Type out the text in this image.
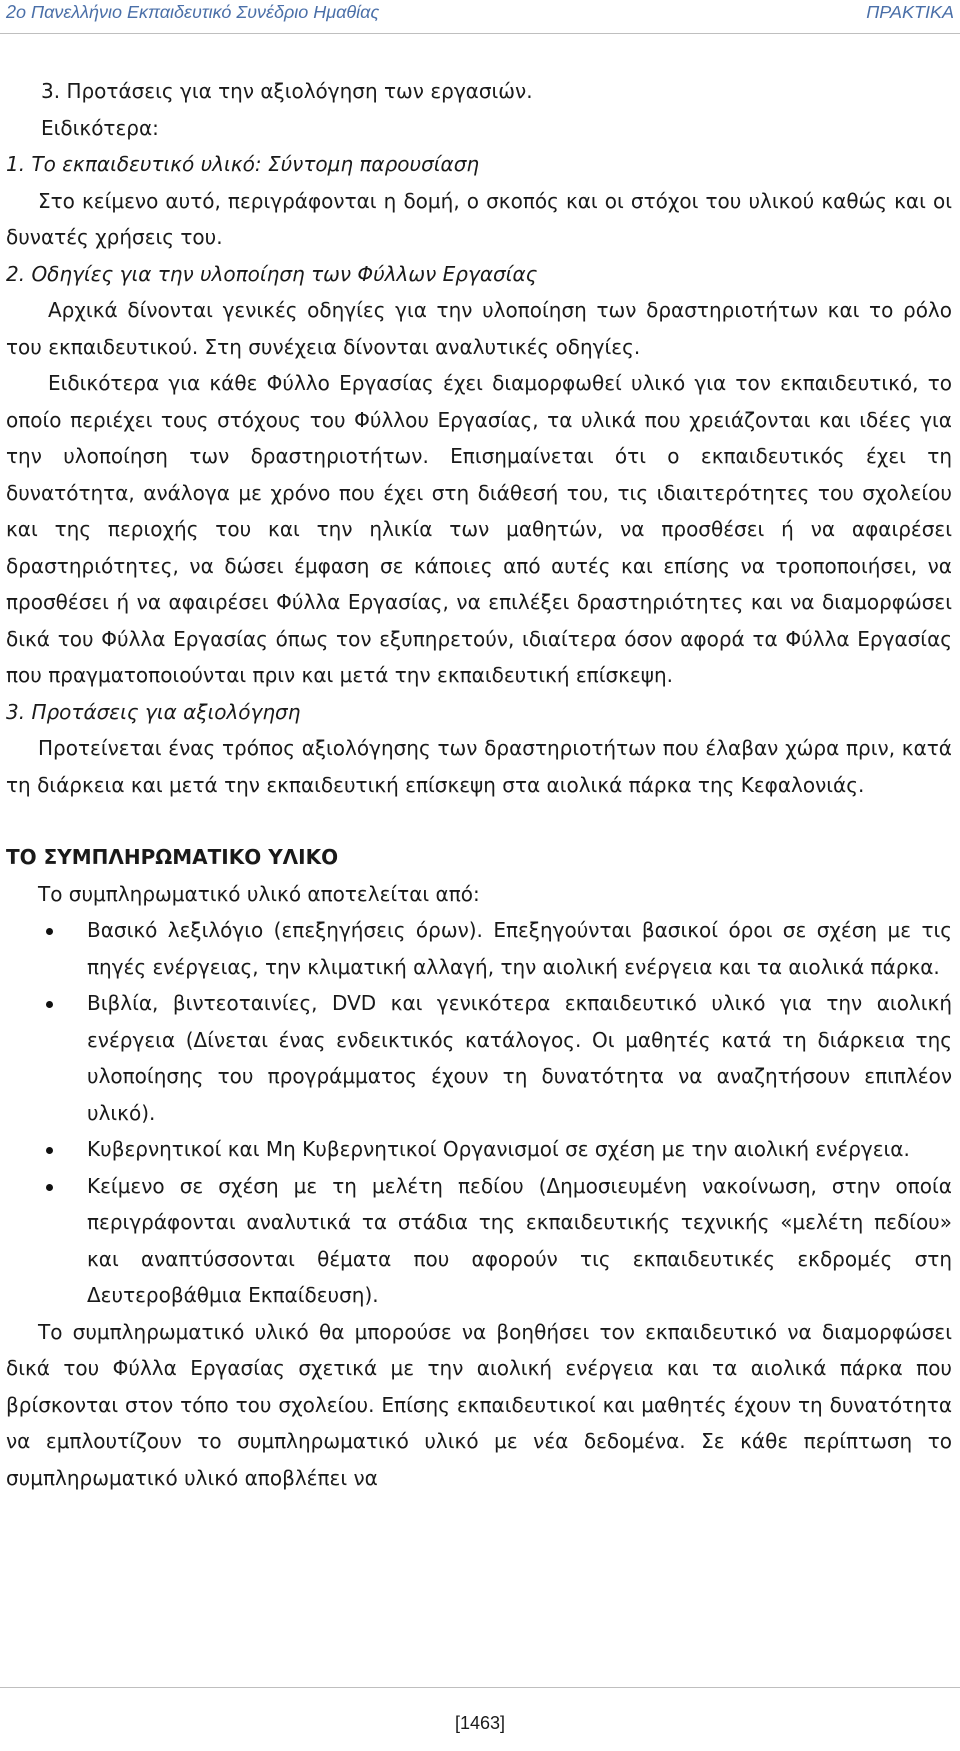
2ο Πανελλήνιο Εκπαιδευτικό Συνέδριο Ημαθίας	ΠΡΑΚΤΙΚΑ

3. Προτάσεις για την αξιολόγηση των εργασιών.

Ειδικότερα:

1. Το εκπαιδευτικό υλικό: Σύντομη παρουσίαση

Στο κείμενο αυτό, περιγράφονται η δομή, ο σκοπός και οι στόχοι του υλικού καθώς και οι δυνατές χρήσεις του.

2. Οδηγίες για την υλοποίηση των Φύλλων Εργασίας

Αρχικά δίνονται γενικές οδηγίες για την υλοποίηση των δραστηριοτήτων και το ρόλο του εκπαιδευτικού. Στη συνέχεια δίνονται αναλυτικές οδηγίες.

Ειδικότερα για κάθε Φύλλο Εργασίας έχει διαμορφωθεί υλικό για τον εκπαιδευτικό, το οποίο περιέχει τους στόχους του Φύλλου Εργασίας, τα υλικά που χρειάζονται και ιδέες για την υλοποίηση των δραστηριοτήτων. Επισημαίνεται ότι ο εκπαιδευτικός έχει τη δυνατότητα, ανάλογα με χρόνο που έχει στη διάθεσή του, τις ιδιαιτερότητες του σχολείου και της περιοχής του και την ηλικία των μαθητών, να προσθέσει ή να αφαιρέσει δραστηριότητες, να δώσει έμφαση σε κάποιες από αυτές και επίσης να τροποποιήσει, να προσθέσει ή να αφαιρέσει Φύλλα Εργασίας, να επιλέξει δραστηριότητες και να διαμορφώσει δικά του Φύλλα Εργασίας όπως τον εξυπηρετούν, ιδιαίτερα όσον αφορά τα Φύλλα Εργασίας που πραγματοποιούνται πριν και μετά την εκπαιδευτική επίσκεψη.

3. Προτάσεις για αξιολόγηση

Προτείνεται ένας τρόπος αξιολόγησης των δραστηριοτήτων που έλαβαν χώρα πριν, κατά τη διάρκεια και μετά την εκπαιδευτική επίσκεψη στα αιολικά πάρκα της Κεφαλονιάς.

ΤΟ ΣΥΜΠΛΗΡΩΜΑΤΙΚΟ ΥΛΙΚΟ

Το συμπληρωματικό υλικό αποτελείται από:

Βασικό λεξιλόγιο (επεξηγήσεις όρων). Επεξηγούνται βασικοί όροι σε σχέση με τις πηγές ενέργειας, την κλιματική αλλαγή, την αιολική ενέργεια και τα αιολικά πάρκα.
Βιβλία, βιντεοταινίες, DVD και γενικότερα εκπαιδευτικό υλικό για την αιολική ενέργεια (Δίνεται ένας ενδεικτικός κατάλογος. Οι μαθητές κατά τη διάρκεια της υλοποίησης του προγράμματος έχουν τη δυνατότητα να αναζητήσουν επιπλέον υλικό).
Κυβερνητικοί και Μη Κυβερνητικοί Οργανισμοί σε σχέση με την αιολική ενέργεια.
Κείμενο σε σχέση με τη μελέτη πεδίου (Δημοσιευμένη νακοίνωση, στην οποία περιγράφονται αναλυτικά τα στάδια της εκπαιδευτικής τεχνικής «μελέτη πεδίου» και αναπτύσσονται θέματα που αφορούν τις εκπαιδευτικές εκδρομές στη Δευτεροβάθμια Εκπαίδευση).

Το συμπληρωματικό υλικό θα μπορούσε να βοηθήσει τον εκπαιδευτικό να διαμορφώσει δικά του Φύλλα Εργασίας σχετικά με την αιολική ενέργεια και τα αιολικά πάρκα που βρίσκονται στον τόπο του σχολείου. Επίσης εκπαιδευτικοί και μαθητές έχουν τη δυνατότητα να εμπλουτίζουν το συμπληρωματικό υλικό με νέα δεδομένα. Σε κάθε περίπτωση το συμπληρωματικό υλικό αποβλέπει να

[1463]
